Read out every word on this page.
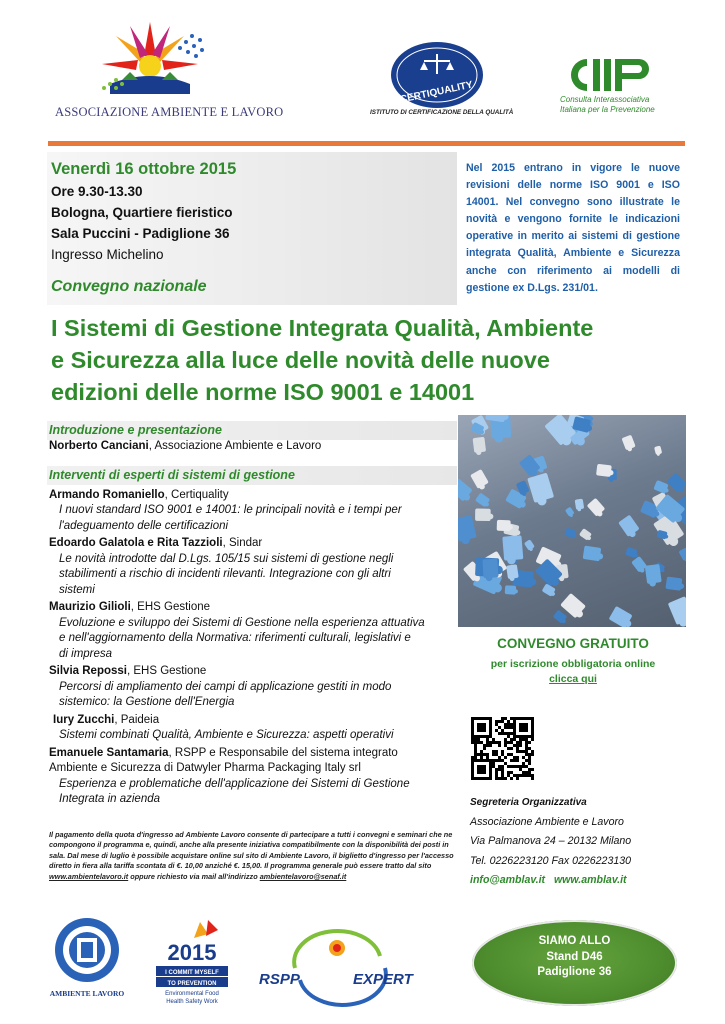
ASSOCIAZIONE AMBIENTE E LAVORO
CERTIQUALITY
ISTITUTO DI CERTIFICAZIONE DELLA QUALITÀ
Consulta Interassociativa
Italiana per la Prevenzione
Venerdì 16 ottobre 2015
Ore 9.30-13.30
Bologna, Quartiere fieristico
Sala Puccini - Padiglione 36
Ingresso Michelino
Convegno nazionale
Nel 2015 entrano in vigore le nuove revisioni delle norme ISO 9001 e ISO 14001. Nel convegno sono illustrate le novità e vengono fornite le indicazioni operative in merito ai sistemi di gestione integrata Qualità, Ambiente e Sicurezza anche con riferimento ai modelli di gestione ex D.Lgs. 231/01.
I Sistemi di Gestione Integrata Qualità, Ambiente
e Sicurezza alla luce delle novità delle nuove
edizioni delle norme ISO 9001 e 14001
Introduzione e presentazione
Norberto Canciani, Associazione Ambiente e Lavoro
Interventi di esperti di sistemi di gestione
Armando Romaniello, Certiquality
I nuovi standard ISO 9001 e 14001: le principali novità e i tempi per
l'adeguamento delle certificazioni
Edoardo Galatola e Rita Tazzioli, Sindar
Le novità introdotte dal D.Lgs. 105/15 sui sistemi di gestione negli
stabilimenti a rischio di incidenti rilevanti. Integrazione con gli altri
sistemi
Maurizio Gilioli, EHS Gestione
Evoluzione e sviluppo dei Sistemi di Gestione nella esperienza attuativa
e nell'aggiornamento della Normativa: riferimenti culturali, legislativi e
di impresa
Silvia Repossi, EHS Gestione
Percorsi di ampliamento dei campi di applicazione gestiti in modo
sistemico: la Gestione dell'Energia
Iury Zucchi, Paideia
Sistemi combinati Qualità, Ambiente e Sicurezza: aspetti operativi
Emanuele Santamaria, RSPP e Responsabile del sistema integrato
Ambiente e Sicurezza di Datwyler Pharma Packaging Italy srl
Esperienza e problematiche dell'applicazione dei Sistemi di Gestione
Integrata in azienda
Il pagamento della quota d'ingresso ad Ambiente Lavoro consente di partecipare a tutti i convegni e seminari che ne compongono il programma e, quindi, anche alla presente iniziativa compatibilmente con la disponibilità dei posti in sala. Dal mese di luglio è possibile acquistare online sul sito di Ambiente Lavoro, il biglietto d'ingresso per l'accesso diretto in fiera alla tariffa scontata di €. 10,00 anziché €. 15,00. Il programma generale può essere tratto dal sito www.ambientelavoro.it oppure richiesto via mail all'indirizzo ambientelavoro@senaf.it
CONVEGNO GRATUITO
per iscrizione obbligatoria online
clicca qui
Segreteria Organizzativa
Associazione Ambiente e Lavoro
Via Palmanova 24 – 20132 Milano
Tel. 0226223120 Fax 0226223130
info@amblav.it www.amblav.it
AMBIENTE LAVORO
2015
I COMMIT MYSELF
TO PREVENTION
Environmental Food
Health Safety Work
RSPP	EXPERT
SIAMO ALLO
Stand D46
Padiglione 36
